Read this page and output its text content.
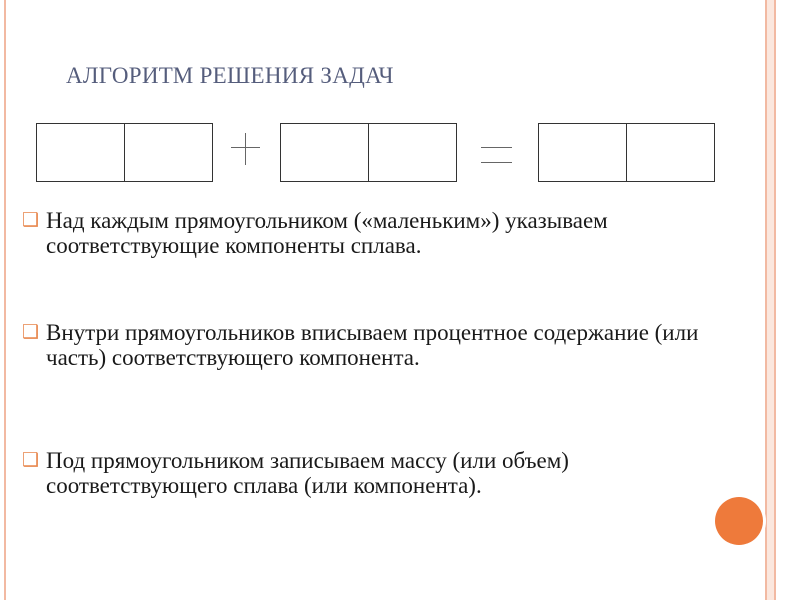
АЛГОРИТМ РЕШЕНИЯ ЗАДАЧ
❑ Над каждым прямоугольником («маленьким») указываем соответствующие компоненты сплава.
❑ Внутри прямоугольников вписываем процентное содержание (или часть) соответствующего компонента.
❑ Под прямоугольником записываем массу (или объем) соответствующего сплава (или компонента).
